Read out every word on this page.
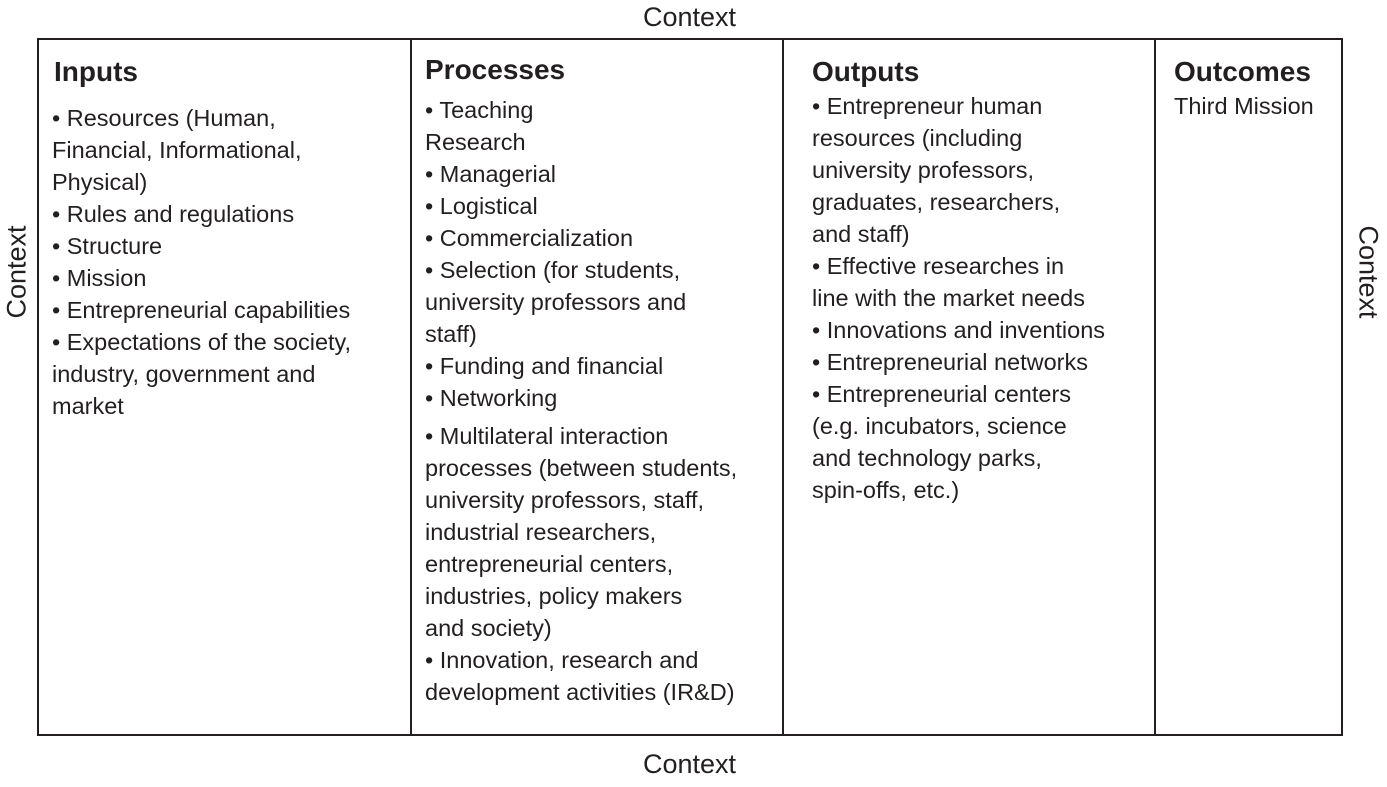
Context
Context
Context	Context
Inputs
• Resources (Human,
Financial, Informational,
Physical)
• Rules and regulations
• Structure
• Mission
• Entrepreneurial capabilities
• Expectations of the society,
industry, government and
market
Processes
• Teaching
Research
• Managerial
• Logistical
• Commercialization
• Selection (for students,
university professors and
staff)
• Funding and financial
• Networking
• Multilateral interaction
processes (between students,
university professors, staff,
industrial researchers,
entrepreneurial centers,
industries, policy makers
and society)
• Innovation, research and
development activities (IR&D)
Outputs
• Entrepreneur human
resources (including
university professors,
graduates, researchers,
and staff)
• Effective researches in
line with the market needs
• Innovations and inventions
• Entrepreneurial networks
• Entrepreneurial centers
(e.g. incubators, science
and technology parks,
spin-offs, etc.)
Outcomes
Third Mission
